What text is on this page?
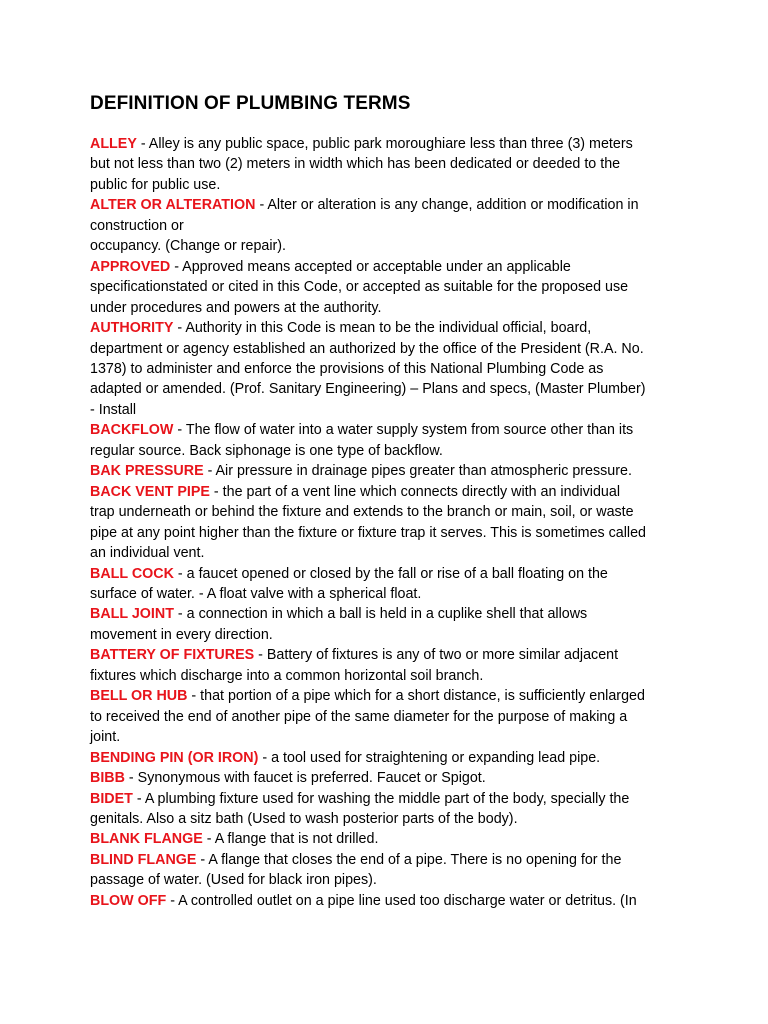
DEFINITION OF PLUMBING TERMS

ALLEY - Alley is any public space, public park moroughiare less than three (3) meters
but not less than two (2) meters in width which has been dedicated or deeded to the
public for public use.

ALTER OR ALTERATION - Alter or alteration is any change, addition or modification in
construction or
occupancy. (Change or repair).

APPROVED - Approved means accepted or acceptable under an applicable
specificationstated or cited in this Code, or accepted as suitable for the proposed use
under procedures and powers at the authority.

AUTHORITY - Authority in this Code is mean to be the individual official, board,
department or agency established an authorized by the office of the President (R.A. No.
1378) to administer and enforce the provisions of this National Plumbing Code as
adapted or amended. (Prof. Sanitary Engineering) – Plans and specs, (Master Plumber)
- Install

BACKFLOW - The flow of water into a water supply system from source other than its
regular source. Back siphonage is one type of backflow.

BAK PRESSURE - Air pressure in drainage pipes greater than atmospheric pressure.

BACK VENT PIPE - the part of a vent line which connects directly with an individual
trap underneath or behind the fixture and extends to the branch or main, soil, or waste
pipe at any point higher than the fixture or fixture trap it serves. This is sometimes called
an individual vent.

BALL COCK - a faucet opened or closed by the fall or rise of a ball floating on the
surface of water. - A float valve with a spherical float.

BALL JOINT - a connection in which a ball is held in a cuplike shell that allows
movement in every direction.

BATTERY OF FIXTURES - Battery of fixtures is any of two or more similar adjacent
fixtures which discharge into a common horizontal soil branch.

BELL OR HUB - that portion of a pipe which for a short distance, is sufficiently enlarged
to received the end of another pipe of the same diameter for the purpose of making a
joint.

BENDING PIN (OR IRON) - a tool used for straightening or expanding lead pipe.

BIBB - Synonymous with faucet is preferred. Faucet or Spigot.

BIDET - A plumbing fixture used for washing the middle part of the body, specially the
genitals. Also a sitz bath (Used to wash posterior parts of the body).

BLANK FLANGE - A flange that is not drilled.

BLIND FLANGE - A flange that closes the end of a pipe. There is no opening for the
passage of water. (Used for black iron pipes).

BLOW OFF - A controlled outlet on a pipe line used too discharge water or detritus. (In
